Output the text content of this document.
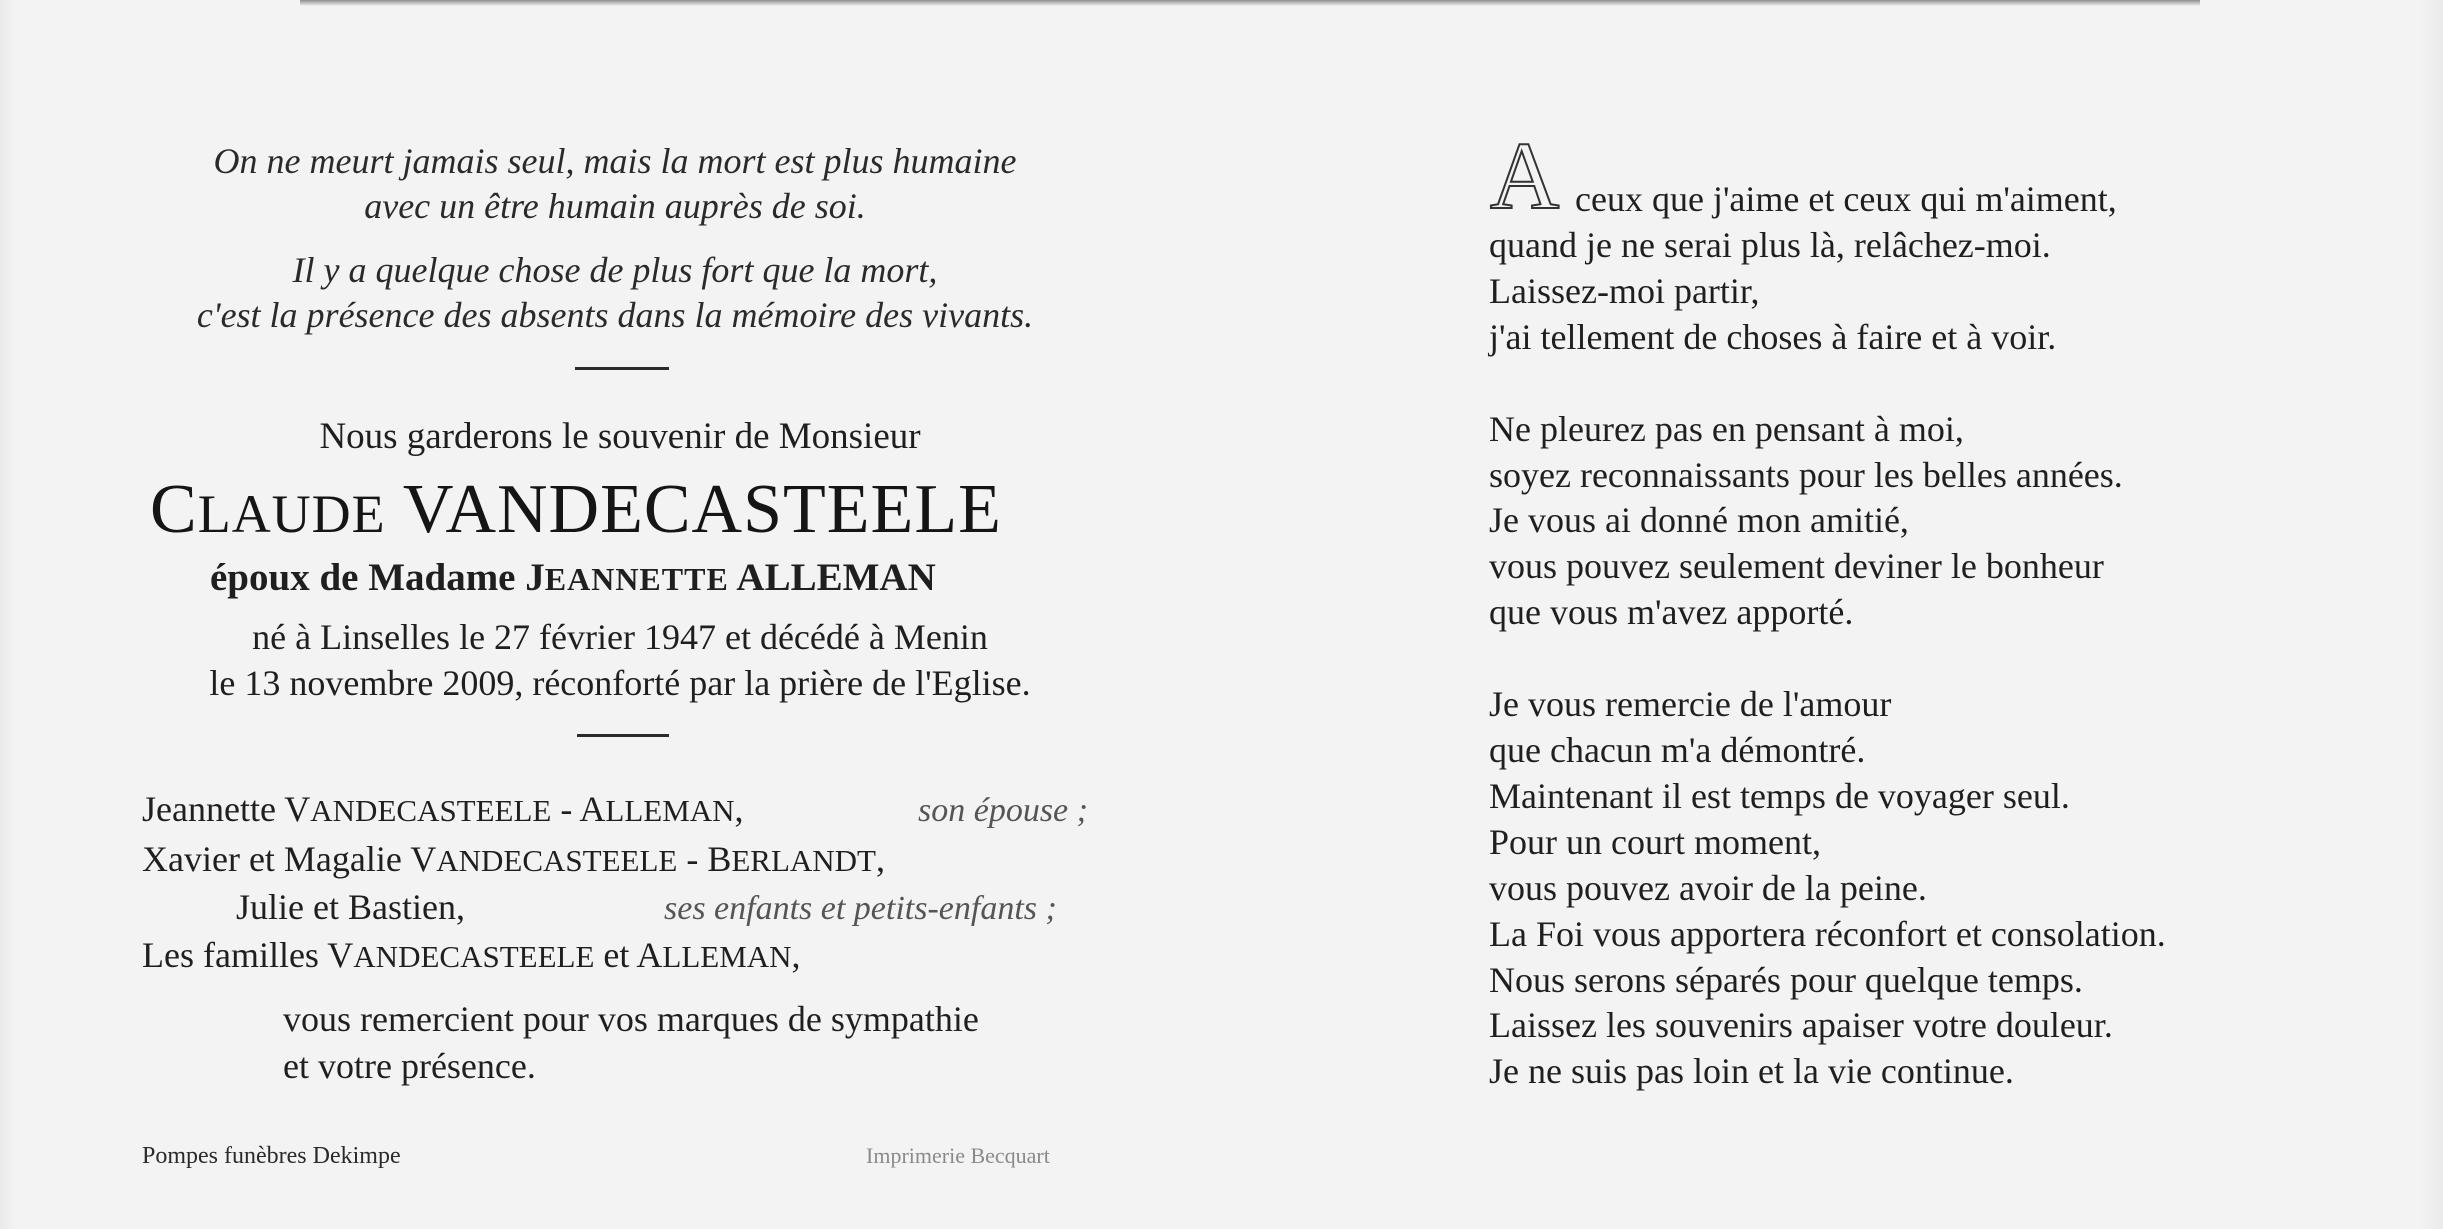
On ne meurt jamais seul, mais la mort est plus humaine
avec un être humain auprès de soi.
Il y a quelque chose de plus fort que la mort,
c'est la présence des absents dans la mémoire des vivants.
Nous garderons le souvenir de Monsieur
CLAUDE VANDECASTEELE
époux de Madame JEANNETTE ALLEMAN
né à Linselles le 27 février 1947 et décédé à Menin
le 13 novembre 2009, réconforté par la prière de l'Eglise.
Jeannette VANDECASTEELE - ALLEMAN,	son épouse ;
Xavier et Magalie VANDECASTEELE - BERLANDT,
Julie et Bastien,	ses enfants et petits-enfants ;
Les familles VANDECASTEELE et ALLEMAN,
vous remercient pour vos marques de sympathie
et votre présence.
Pompes funèbres Dekimpe	Imprimerie Becquart
A ceux que j'aime et ceux qui m'aiment,
quand je ne serai plus là, relâchez-moi.
Laissez-moi partir,
j'ai tellement de choses à faire et à voir.

Ne pleurez pas en pensant à moi,
soyez reconnaissants pour les belles années.
Je vous ai donné mon amitié,
vous pouvez seulement deviner le bonheur
que vous m'avez apporté.

Je vous remercie de l'amour
que chacun m'a démontré.
Maintenant il est temps de voyager seul.
Pour un court moment,
vous pouvez avoir de la peine.
La Foi vous apportera réconfort et consolation.
Nous serons séparés pour quelque temps.
Laissez les souvenirs apaiser votre douleur.
Je ne suis pas loin et la vie continue.
